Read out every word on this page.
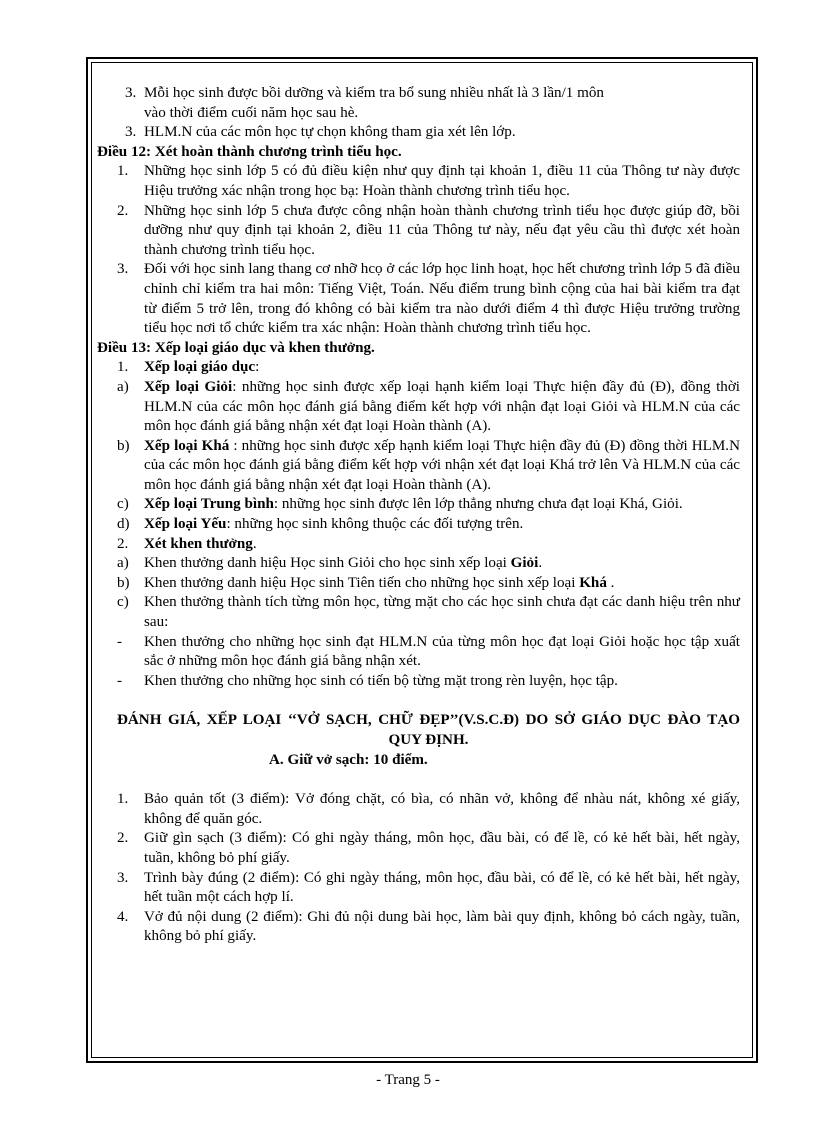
3. Mỗi học sinh được bồi dưỡng và kiểm tra bổ sung nhiều nhất là 3 lần/1 môn
vào thời điểm cuối năm học sau hè.
3. HLM.N của các môn học tự chọn không tham gia xét lên lớp.
Điều 12: Xét hoàn thành chương trình tiểu học.
1.	Những học sinh lớp 5 có đủ điều kiện như quy định tại khoản 1, điều 11 của Thông tư này được Hiệu trưởng xác nhận trong học bạ: Hoàn thành chương trình tiểu học.
2.	Những học sinh lớp 5 chưa được công nhận hoàn thành chương trình tiểu học được giúp đỡ, bồi dưỡng như quy định tại khoản 2, điều 11 của Thông tư này, nếu đạt yêu cầu thì được xét hoàn thành chương trình tiểu học.
3.	Đối với học sinh lang thang cơ nhỡ hcọ ở các lớp học linh hoạt, học hết chương trình lớp 5 đã điều chỉnh chỉ kiểm tra hai môn: Tiếng Việt, Toán. Nếu điểm trung bình cộng của hai bài kiểm tra đạt từ điểm 5 trở lên, trong đó không có bài kiểm tra nào dưới điểm 4 thì được Hiệu trưởng trường tiểu học nơi tổ chức kiểm tra xác nhận: Hoàn thành chương trình tiểu học.
Điều 13: Xếp loại giáo dục và khen thưởng.
1.	Xếp loại giáo dục:
a)	Xếp loại Giỏi: những học sinh được xếp loại hạnh kiểm loại Thực hiện đầy đủ (Đ), đồng thời HLM.N của các môn học đánh giá bằng điểm kết hợp với nhận đạt loại Giỏi và HLM.N của các môn học đánh giá bằng nhận xét đạt loại Hoàn thành (A).
b) Xếp loại Khá : những học sinh được xếp hạnh kiểm loại Thực hiện đầy đủ (Đ) đồng thời HLM.N của các môn học đánh giá bằng điểm kết hợp với nhận xét đạt loại Khá trở lên Và HLM.N của các môn học đánh giá bằng nhận xét đạt loại Hoàn thành (A).
c)	Xếp loại Trung bình: những học sinh được lên lớp thẳng nhưng chưa đạt loại Khá, Giỏi.
d) Xếp loại Yếu: những học sinh không thuộc các đối tượng trên.
2.	Xét khen thưởng.
a)	Khen thưởng danh hiệu Học sinh Giỏi cho học sinh xếp loại Giỏi.
b) Khen thưởng danh hiệu Học sinh Tiên tiến cho những học sinh xếp loại Khá .
c)	Khen thưởng thành tích từng môn học, từng mặt cho các học sinh chưa đạt các danh hiệu trên như sau:
-	Khen thưởng cho những học sinh đạt HLM.N của từng môn học đạt loại Giỏi hoặc học tập xuất sắc ở những môn học đánh giá bằng nhận xét.
-	Khen thưởng cho những học sinh có tiến bộ từng mặt trong rèn luyện, học tập.
ĐÁNH GIÁ, XẾP LOẠI ‘‘VỞ SẠCH, CHỮ ĐẸP’’(V.S.C.Đ) DO SỞ GIÁO DỤC ĐÀO TẠO QUY ĐỊNH.
A. Giữ vở sạch: 10 điểm.
1.	Bảo quản tốt (3 điểm): Vở đóng chặt, có bìa, có nhãn vở, không để nhàu nát, không xé giấy, không để quăn góc.
2.	Giữ gìn sạch (3 điểm): Có ghi ngày tháng, môn học, đầu bài, có để lề, có kẻ hết bài, hết ngày, tuần, không bỏ phí giấy.
3.	Trình bày đúng (2 điểm): Có ghi ngày tháng, môn học, đầu bài, có để lề, có kẻ hết bài, hết ngày, hết tuần một cách hợp lí.
4.	Vở đủ nội dung (2 điểm): Ghi đủ nội dung bài học, làm bài quy định, không bỏ cách ngày, tuần, không bỏ phí giấy.
- Trang 5 -
